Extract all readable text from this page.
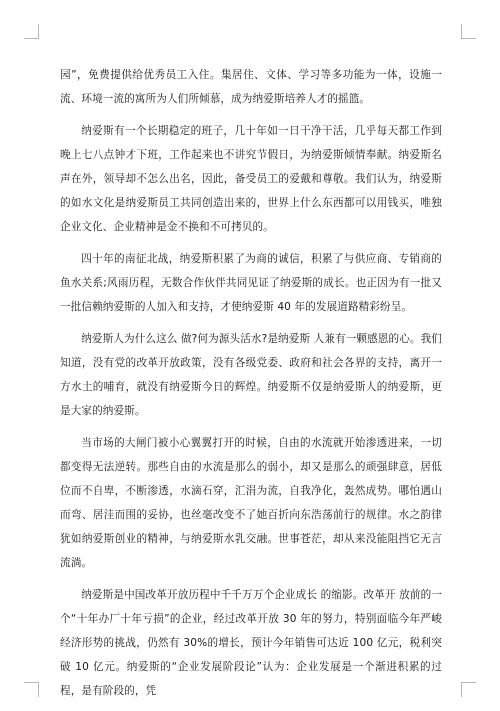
园”，免费提供给优秀员工入住。集居住、文体、学习等多功能为一体，设施一流、环境一流的寓所为人们所倾慕，成为纳爱斯培养人才的摇篮。

纳爱斯有一个长期稳定的班子，几十年如一日干净干活，几乎每天都工作到晚上七八点钟才下班，工作起来也不讲究节假日，为纳爱斯倾情奉献。纳爱斯名声在外，领导却不怎么出名，因此，备受员工的爱戴和尊敬。我们认为，纳爱斯的如水文化是纳爱斯员工共同创造出来的，世界上什么东西都可以用钱买，唯独企业文化、企业精神是金不换和不可拷贝的。

四十年的南征北战，纳爱斯积累了为商的诚信，积累了与供应商、专销商的鱼水关系;风雨历程，无数合作伙伴共同见证了纳爱斯的成长。也正因为有一批又一批信赖纳爱斯的人加入和支持，才使纳爱斯 40 年的发展道路精彩纷呈。

纳爱斯人为什么这么 做?何为源头活水?是纳爱斯 人兼有一颗感恩的心。我们知道，没有党的改革开放政策，没有各级党委、政府和社会各界的支持，离开一方水土的哺育，就没有纳爱斯今日的辉煌。纳爱斯不仅是纳爱斯人的纳爱斯，更是大家的纳爱斯。

当市场的大闸门被小心翼翼打开的时候，自由的水流就开始渗透进来，一切都变得无法逆转。那些自由的水流是那么的弱小，却又是那么的顽强肆意，居低位而不自卑，不断渗透，水滴石穿，汇涓为流，自我净化，轰然成势。哪怕遇山而弯、居洼而围的妥协，也丝毫改变不了她百折向东浩荡前行的规律。水之韵律犹如纳爱斯创业的精神，与纳爱斯水乳交融。世事苍茫，却从来没能阻挡它无言流淌。

纳爱斯是中国改革开放历程中千千万万个企业成长 的缩影。改革开 放前的一个“十年办厂十年亏损”的企业，经过改革开放 30 年的努力，特别面临今年严峻经济形势的挑战，仍然有 30%的增长，预计今年销售可达近 100 亿元，税利突破 10 亿元。纳爱斯的“企业发展阶段论”认为：企业发展是一个渐进积累的过程，是有阶段的，凭
